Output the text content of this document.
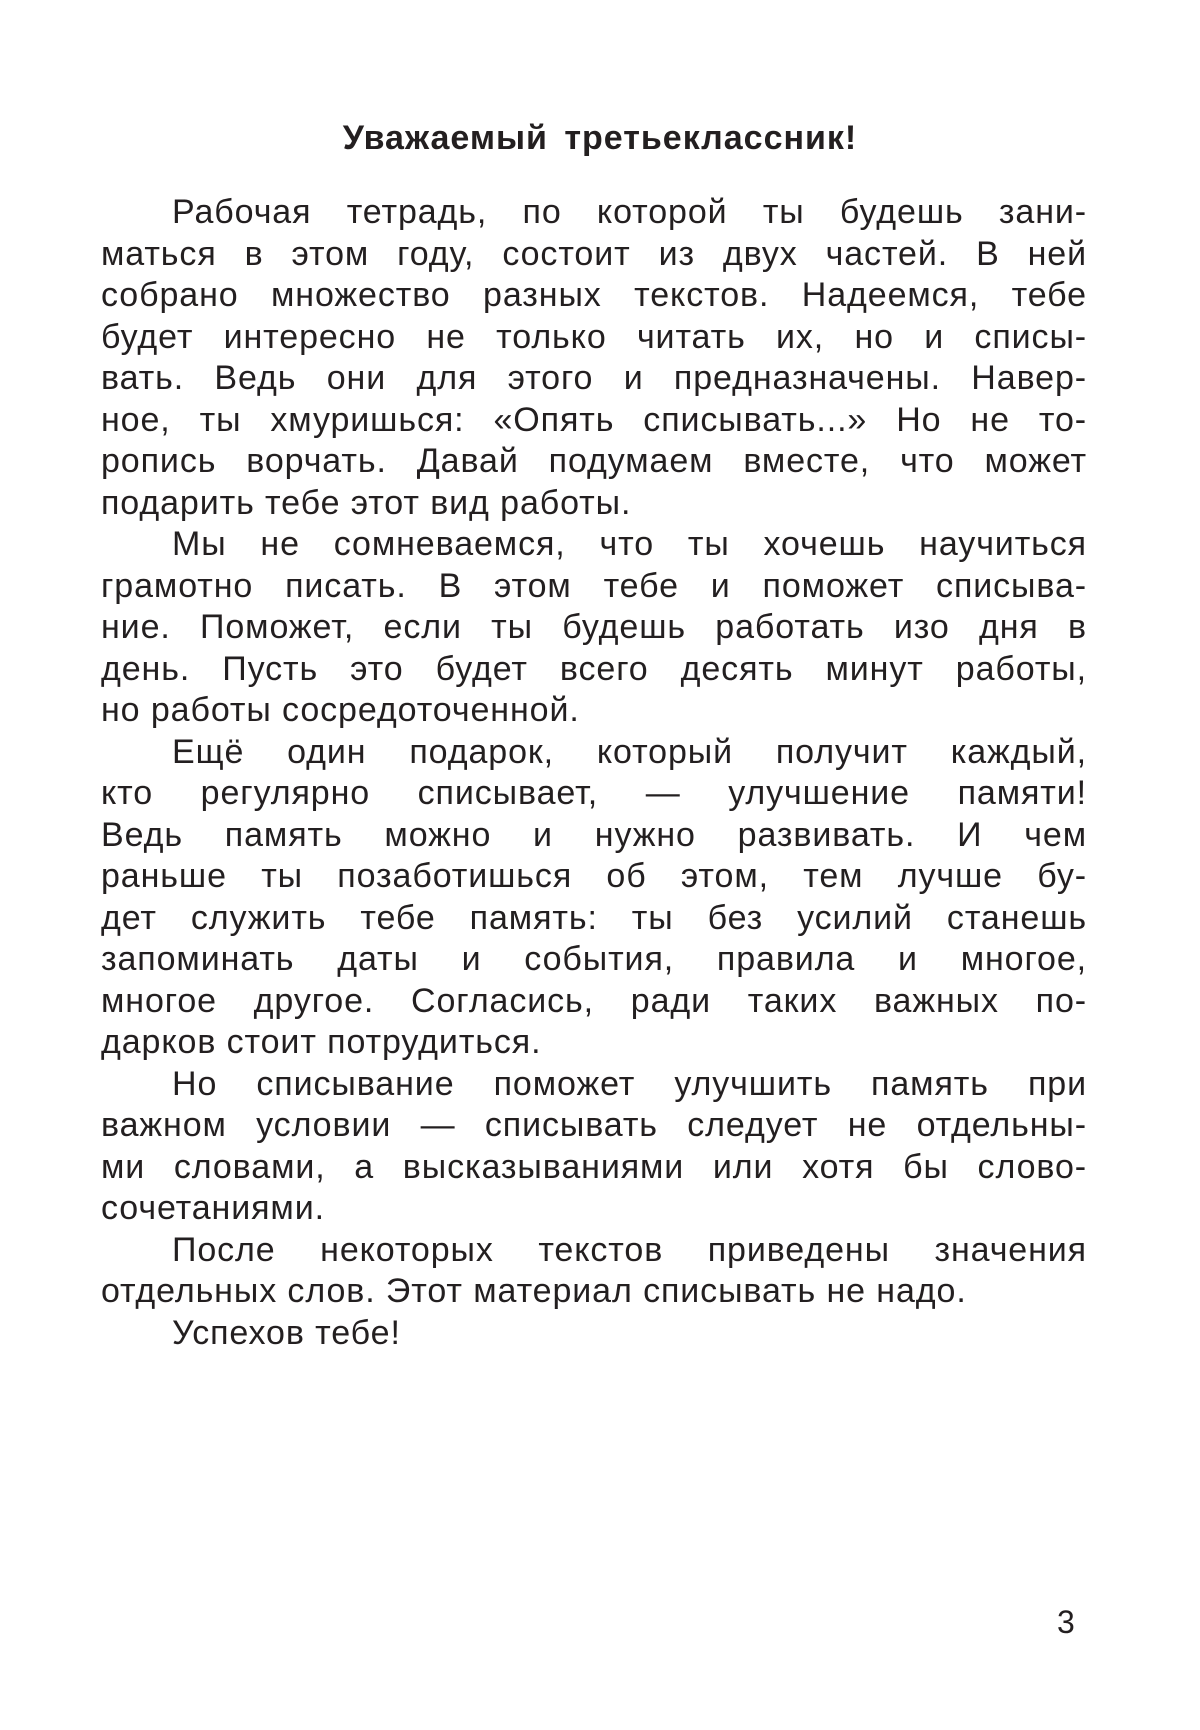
Уважаемый третьеклассник!
Рабочая тетрадь, по которой ты будешь зани-
маться в этом году, состоит из двух частей. В ней
собрано множество разных текстов. Надеемся, тебе
будет интересно не только читать их, но и списы-
вать. Ведь они для этого и предназначены. Навер-
ное, ты хмуришься: «Опять списывать...» Но не то-
ропись ворчать. Давай подумаем вместе, что может
подарить тебе этот вид работы.
Мы не сомневаемся, что ты хочешь научиться
грамотно писать. В этом тебе и поможет списыва-
ние. Поможет, если ты будешь работать изо дня в
день. Пусть это будет всего десять минут работы,
но работы сосредоточенной.
Ещё один подарок, который получит каждый,
кто регулярно списывает, — улучшение памяти!
Ведь память можно и нужно развивать. И чем
раньше ты позаботишься об этом, тем лучше бу-
дет служить тебе память: ты без усилий станешь
запоминать даты и события, правила и многое,
многое другое. Согласись, ради таких важных по-
дарков стоит потрудиться.
Но списывание поможет улучшить память при
важном условии — списывать следует не отдельны-
ми словами, а высказываниями или хотя бы слово-
сочетаниями.
После некоторых текстов приведены значения
отдельных слов. Этот материал списывать не надо.
Успехов тебе!
3
